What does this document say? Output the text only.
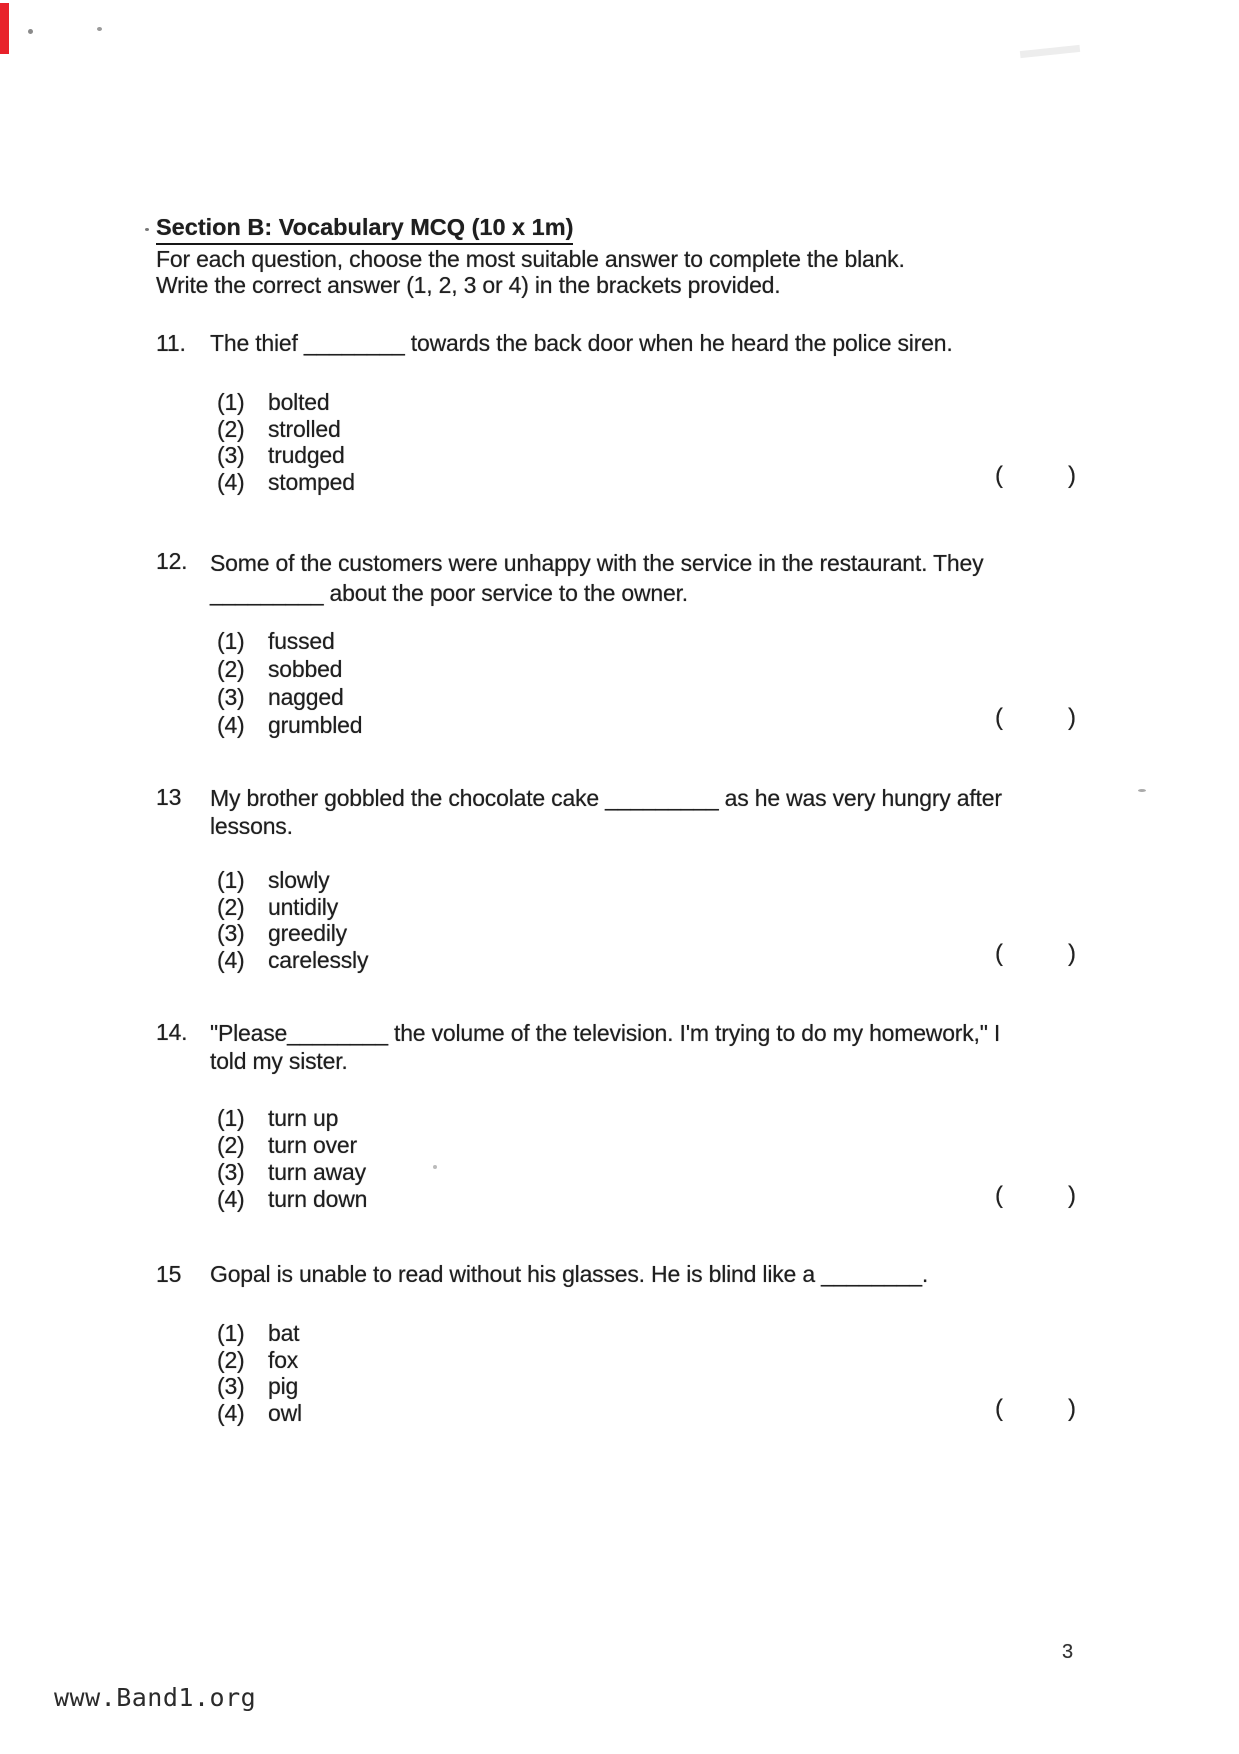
Section B: Vocabulary MCQ (10 x 1m)
For each question, choose the most suitable answer to complete the blank.
Write the correct answer (1, 2, 3 or 4) in the brackets provided.
11. The thief ________ towards the back door when he heard the police siren.
(1) bolted
(2) strolled
(3) trudged
(4) stomped	(	)
12. Some of the customers were unhappy with the service in the restaurant. They
_________ about the poor service to the owner.
(1) fussed
(2) sobbed
(3) nagged
(4) grumbled	(	)
13 My brother gobbled the chocolate cake _________ as he was very hungry after
lessons.
(1) slowly
(2) untidily
(3) greedily
(4) carelessly	(	)
14. "Please________ the volume of the television. I'm trying to do my homework," I
told my sister.
(1) turn up
(2) turn over
(3) turn away
(4) turn down	(	)
15 Gopal is unable to read without his glasses. He is blind like a ________.
(1) bat
(2) fox
(3) pig
(4) owl	(	)
3
www.Band1.org
